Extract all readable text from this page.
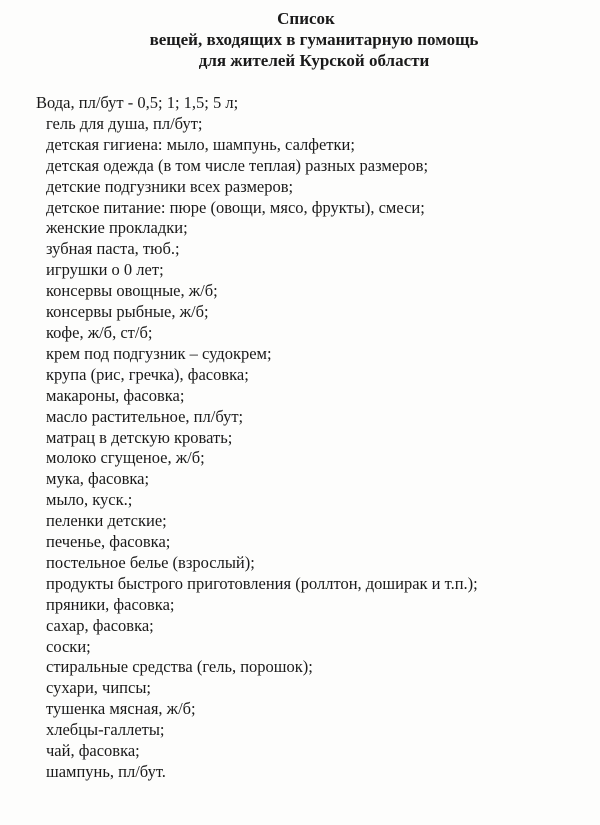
Список
вещей, входящих в гуманитарную помощь
для жителей Курской области
Вода, пл/бут - 0,5; 1; 1,5; 5 л;
гель для душа, пл/бут;
детская гигиена: мыло, шампунь, салфетки;
детская одежда (в том числе теплая) разных размеров;
детские подгузники всех размеров;
детское питание: пюре (овощи, мясо, фрукты), смеси;
женские прокладки;
зубная паста, тюб.;
игрушки о 0 лет;
консервы овощные, ж/б;
консервы рыбные, ж/б;
кофе, ж/б, ст/б;
крем под подгузник – судокрем;
крупа (рис, гречка), фасовка;
макароны, фасовка;
масло растительное, пл/бут;
матрац в детскую кровать;
молоко сгущеное, ж/б;
мука, фасовка;
мыло, куск.;
пеленки детские;
печенье, фасовка;
постельное белье (взрослый);
продукты быстрого приготовления (роллтон, доширак и т.п.);
пряники, фасовка;
сахар, фасовка;
соски;
стиральные средства (гель, порошок);
сухари, чипсы;
тушенка мясная, ж/б;
хлебцы-галлеты;
чай, фасовка;
шампунь, пл/бут.
